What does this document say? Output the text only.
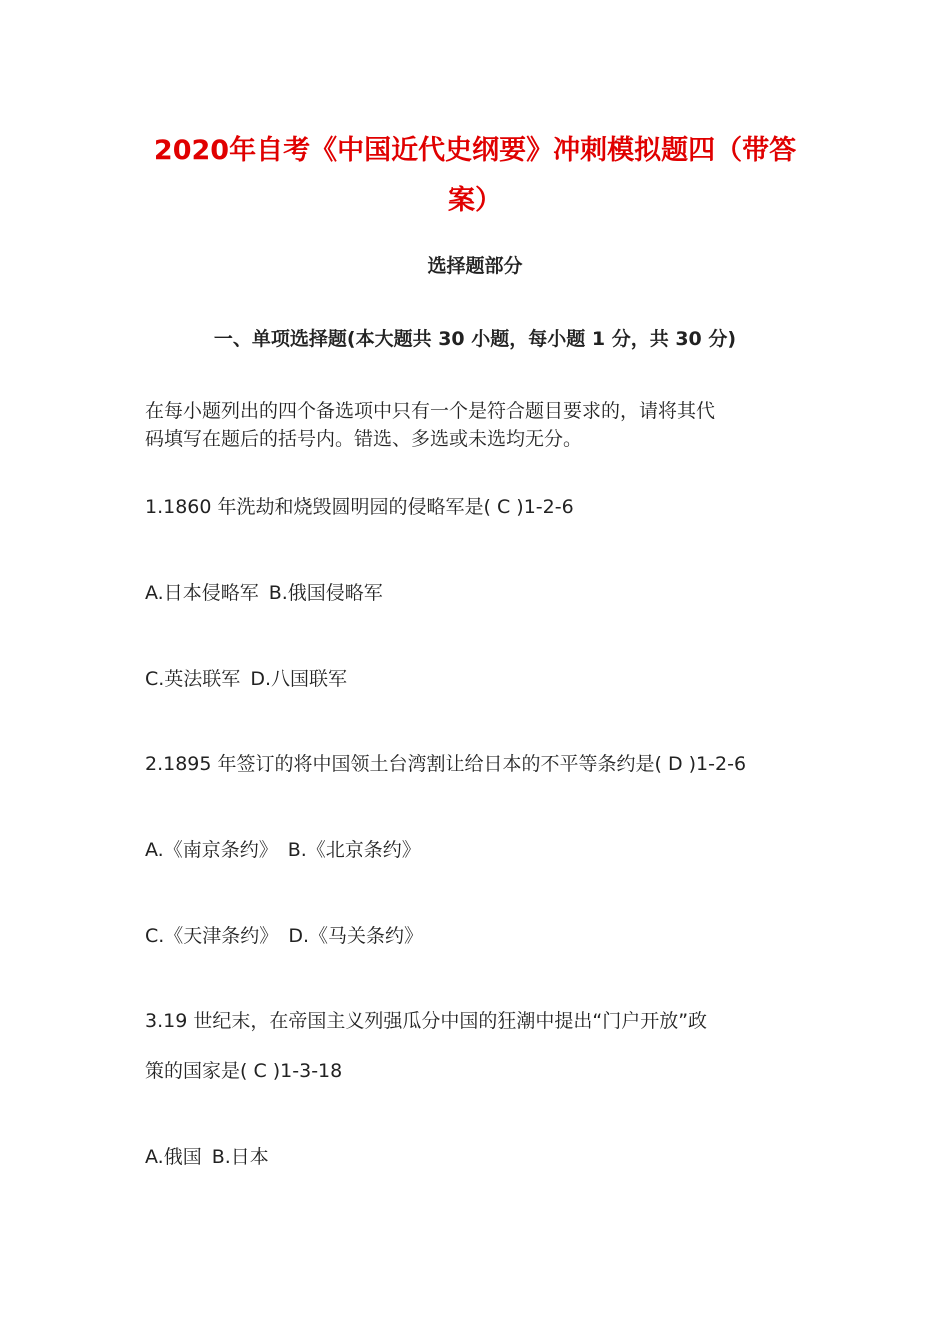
2020年自考《中国近代史纲要》冲刺模拟题四（带答
案）
选择题部分
一、单项选择题(本大题共 30 小题，每小题 1 分，共 30 分)
在每小题列出的四个备选项中只有一个是符合题目要求的，请将其代
码填写在题后的括号内。错选、多选或未选均无分。
1.1860 年洗劫和烧毁圆明园的侵略军是( C )1-2-6
A.日本侵略军 B.俄国侵略军
C.英法联军 D.八国联军
2.1895 年签订的将中国领土台湾割让给日本的不平等条约是( D )1-2-6
A.《南京条约》 B.《北京条约》
C.《天津条约》 D.《马关条约》
3.19 世纪末，在帝国主义列强瓜分中国的狂潮中提出“门户开放”政
策的国家是( C )1-3-18
A.俄国 B.日本
